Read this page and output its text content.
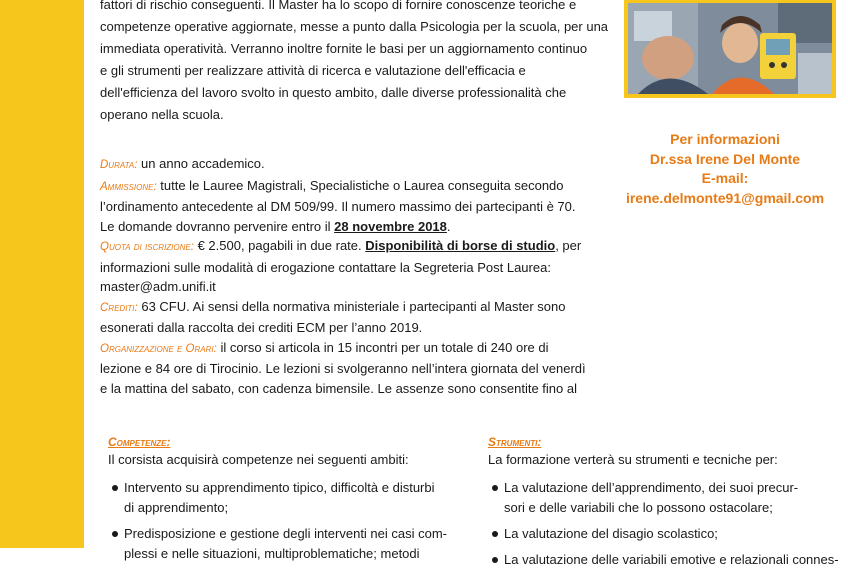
fattori di rischio conseguenti. Il Master ha lo scopo di fornire conoscenze teoriche e
competenze operative aggiornate, messe a punto dalla Psicologia per la scuola, per una
immediata operatività. Verranno inoltre fornite le basi per un aggiornamento continuo
e gli strumenti per realizzare attività di ricerca e valutazione dell'efficacia e
dell'efficienza del lavoro svolto in questo ambito, dalle diverse professionalità che
operano nella scuola.
Per informazioni
Dr.ssa Irene Del Monte
E-mail:
irene.delmonte91@gmail.com

Durata: un anno accademico.

Ammissione: tutte le Lauree Magistrali, Specialistiche o Laurea conseguita secondo
l’ordinamento antecedente al DM 509/99. Il numero massimo dei partecipanti è 70.
Le domande dovranno pervenire entro il 28 novembre 2018.

Quota di iscrizione: € 2.500, pagabili in due rate. Disponibilità di borse di studio, per
informazioni sulle modalità di erogazione contattare la Segreteria Post Laurea:
master@adm.unifi.it

Crediti: 63 CFU. Ai sensi della normativa ministeriale i partecipanti al Master sono
esonerati dalla raccolta dei crediti ECM per l’anno 2019.

Organizzazione e Orari: il corso si articola in 15 incontri per un totale di 240 ore di
lezione e 84 ore di Tirocinio. Le lezioni si svolgeranno nell’intera giornata del venerdì
e la mattina del sabato, con cadenza bimensile. Le assenze sono consentite fino al

Competenze:
Il corsista acquisirà competenze nei seguenti ambiti:
Intervento su apprendimento tipico, difficoltà e disturbi
di apprendimento;
Predisposizione e gestione degli interventi nei casi com-
plessi e nelle situazioni, multiproblematiche; metodi
Strumenti:
La formazione verterà su strumenti e tecniche per:
La valutazione dell’apprendimento, dei suoi precur-
sori e delle variabili che lo possono ostacolare;
La valutazione del disagio scolastico;
La valutazione delle variabili emotive e relazionali connes-
